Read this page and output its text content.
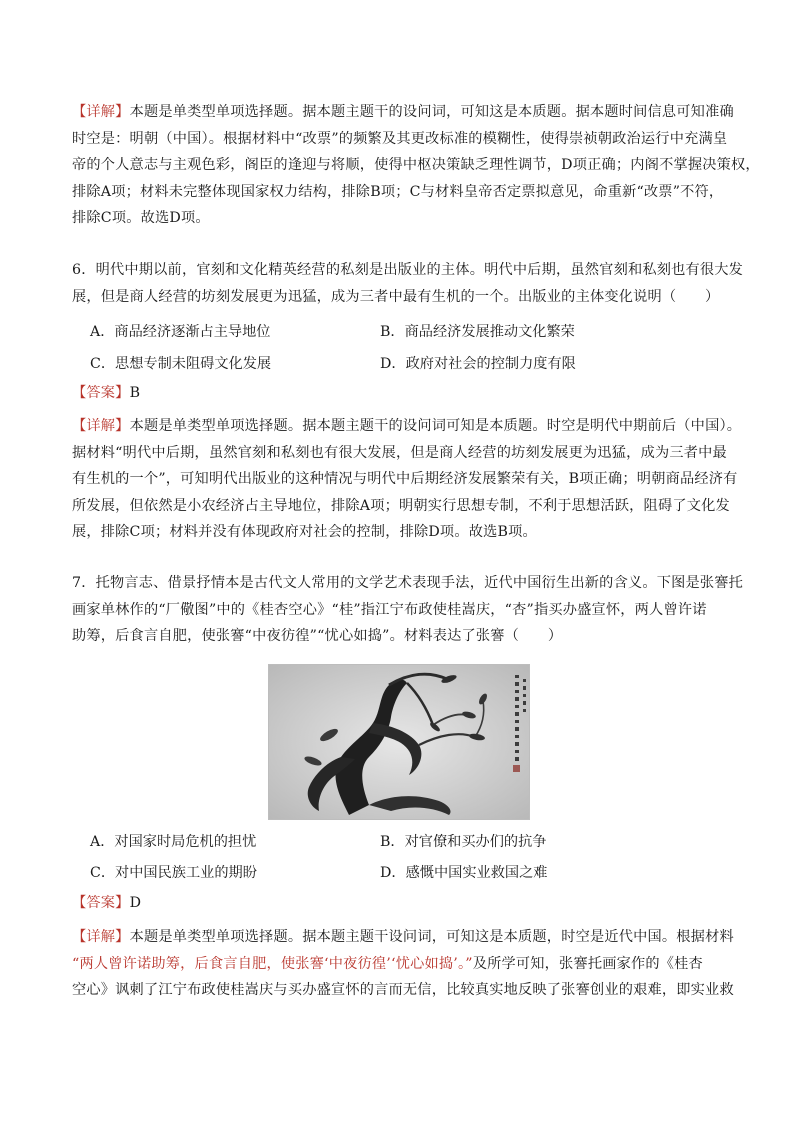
【详解】本题是单类型单项选择题。据本题主题干的设问词，可知这是本质题。据本题时间信息可知准确
时空是：明朝（中国）。根据材料中“改票”的频繁及其更改标准的模糊性，使得崇祯朝政治运行中充满皇
帝的个人意志与主观色彩，阁臣的逢迎与将顺，使得中枢决策缺乏理性调节，D项正确；内阁不掌握决策权，
排除A项；材料未完整体现国家权力结构，排除B项；C与材料皇帝否定票拟意见，命重新“改票”不符，
排除C项。故选D项。
6．明代中期以前，官刻和文化精英经营的私刻是出版业的主体。明代中后期，虽然官刻和私刻也有很大发
展，但是商人经营的坊刻发展更为迅猛，成为三者中最有生机的一个。出版业的主体变化说明（　　）
A．商品经济逐渐占主导地位	B．商品经济发展推动文化繁荣
C．思想专制未阻碍文化发展	D．政府对社会的控制力度有限
【答案】B
【详解】本题是单类型单项选择题。据本题主题干的设问词可知是本质题。时空是明代中期前后（中国）。
据材料“明代中后期，虽然官刻和私刻也有很大发展，但是商人经营的坊刻发展更为迅猛，成为三者中最
有生机的一个”，可知明代出版业的这种情况与明代中后期经济发展繁荣有关，B项正确；明朝商品经济有
所发展，但依然是小农经济占主导地位，排除A项；明朝实行思想专制，不利于思想活跃，阻碍了文化发
展，排除C项；材料并没有体现政府对社会的控制，排除D项。故选B项。
7．托物言志、借景抒情本是古代文人常用的文学艺术表现手法，近代中国衍生出新的含义。下图是张謇托
画家单林作的“厂儆图”中的《桂杏空心》“桂”指江宁布政使桂嵩庆，“杏”指买办盛宣怀，两人曾许诺
助筹，后食言自肥，使张謇“中夜彷徨”“忧心如捣”。材料表达了张謇（　　）
A．对国家时局危机的担忧	B．对官僚和买办们的抗争
C．对中国民族工业的期盼	D．感慨中国实业救国之难
【答案】D
【详解】本题是单类型单项选择题。据本题主题干设问词，可知这是本质题，时空是近代中国。根据材料
“两人曾许诺助筹，后食言自肥，使张謇‘中夜彷徨’‘忧心如捣’。”及所学可知，张謇托画家作的《桂杏
空心》讽刺了江宁布政使桂嵩庆与买办盛宣怀的言而无信，比较真实地反映了张謇创业的艰难，即实业救
